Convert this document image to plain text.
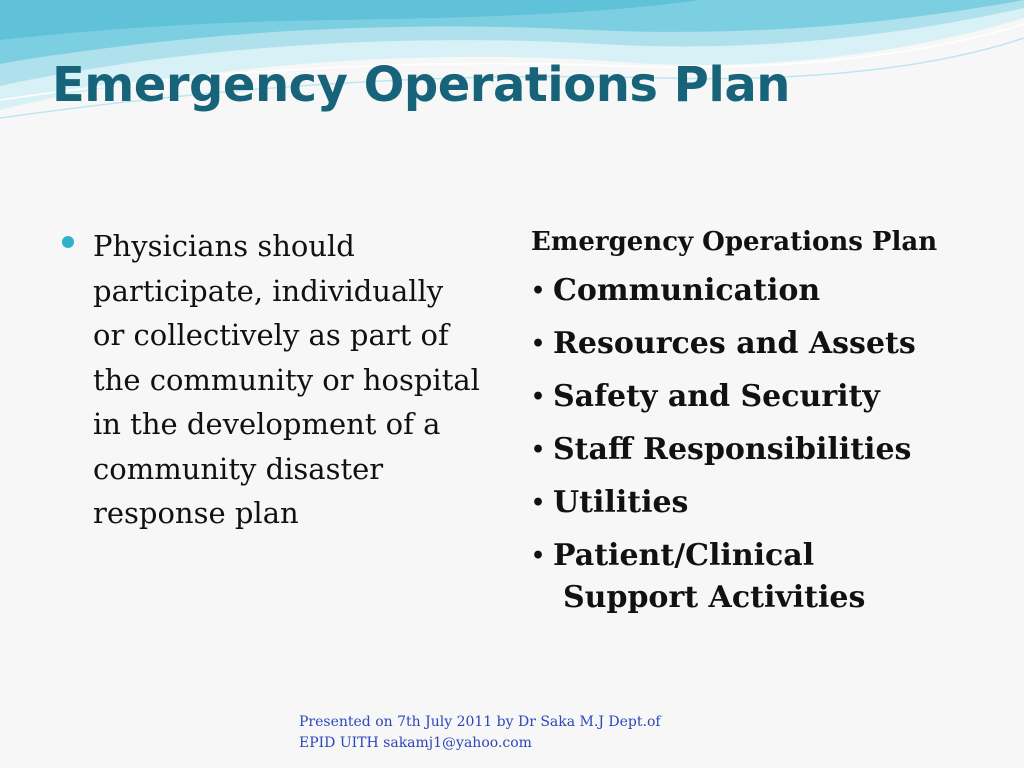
Emergency Operations Plan

Physicians should participate, individually or collectively as part of the community or hospital in the development of a community disaster response plan

Emergency Operations Plan

• Communication
• Resources and Assets
• Safety and Security
• Staff Responsibilities
• Utilities
• Patient/Clinical Support Activities

Presented on 7th July 2011 by Dr Saka M.J Dept.of

EPID UITH sakamj1@yahoo.com
